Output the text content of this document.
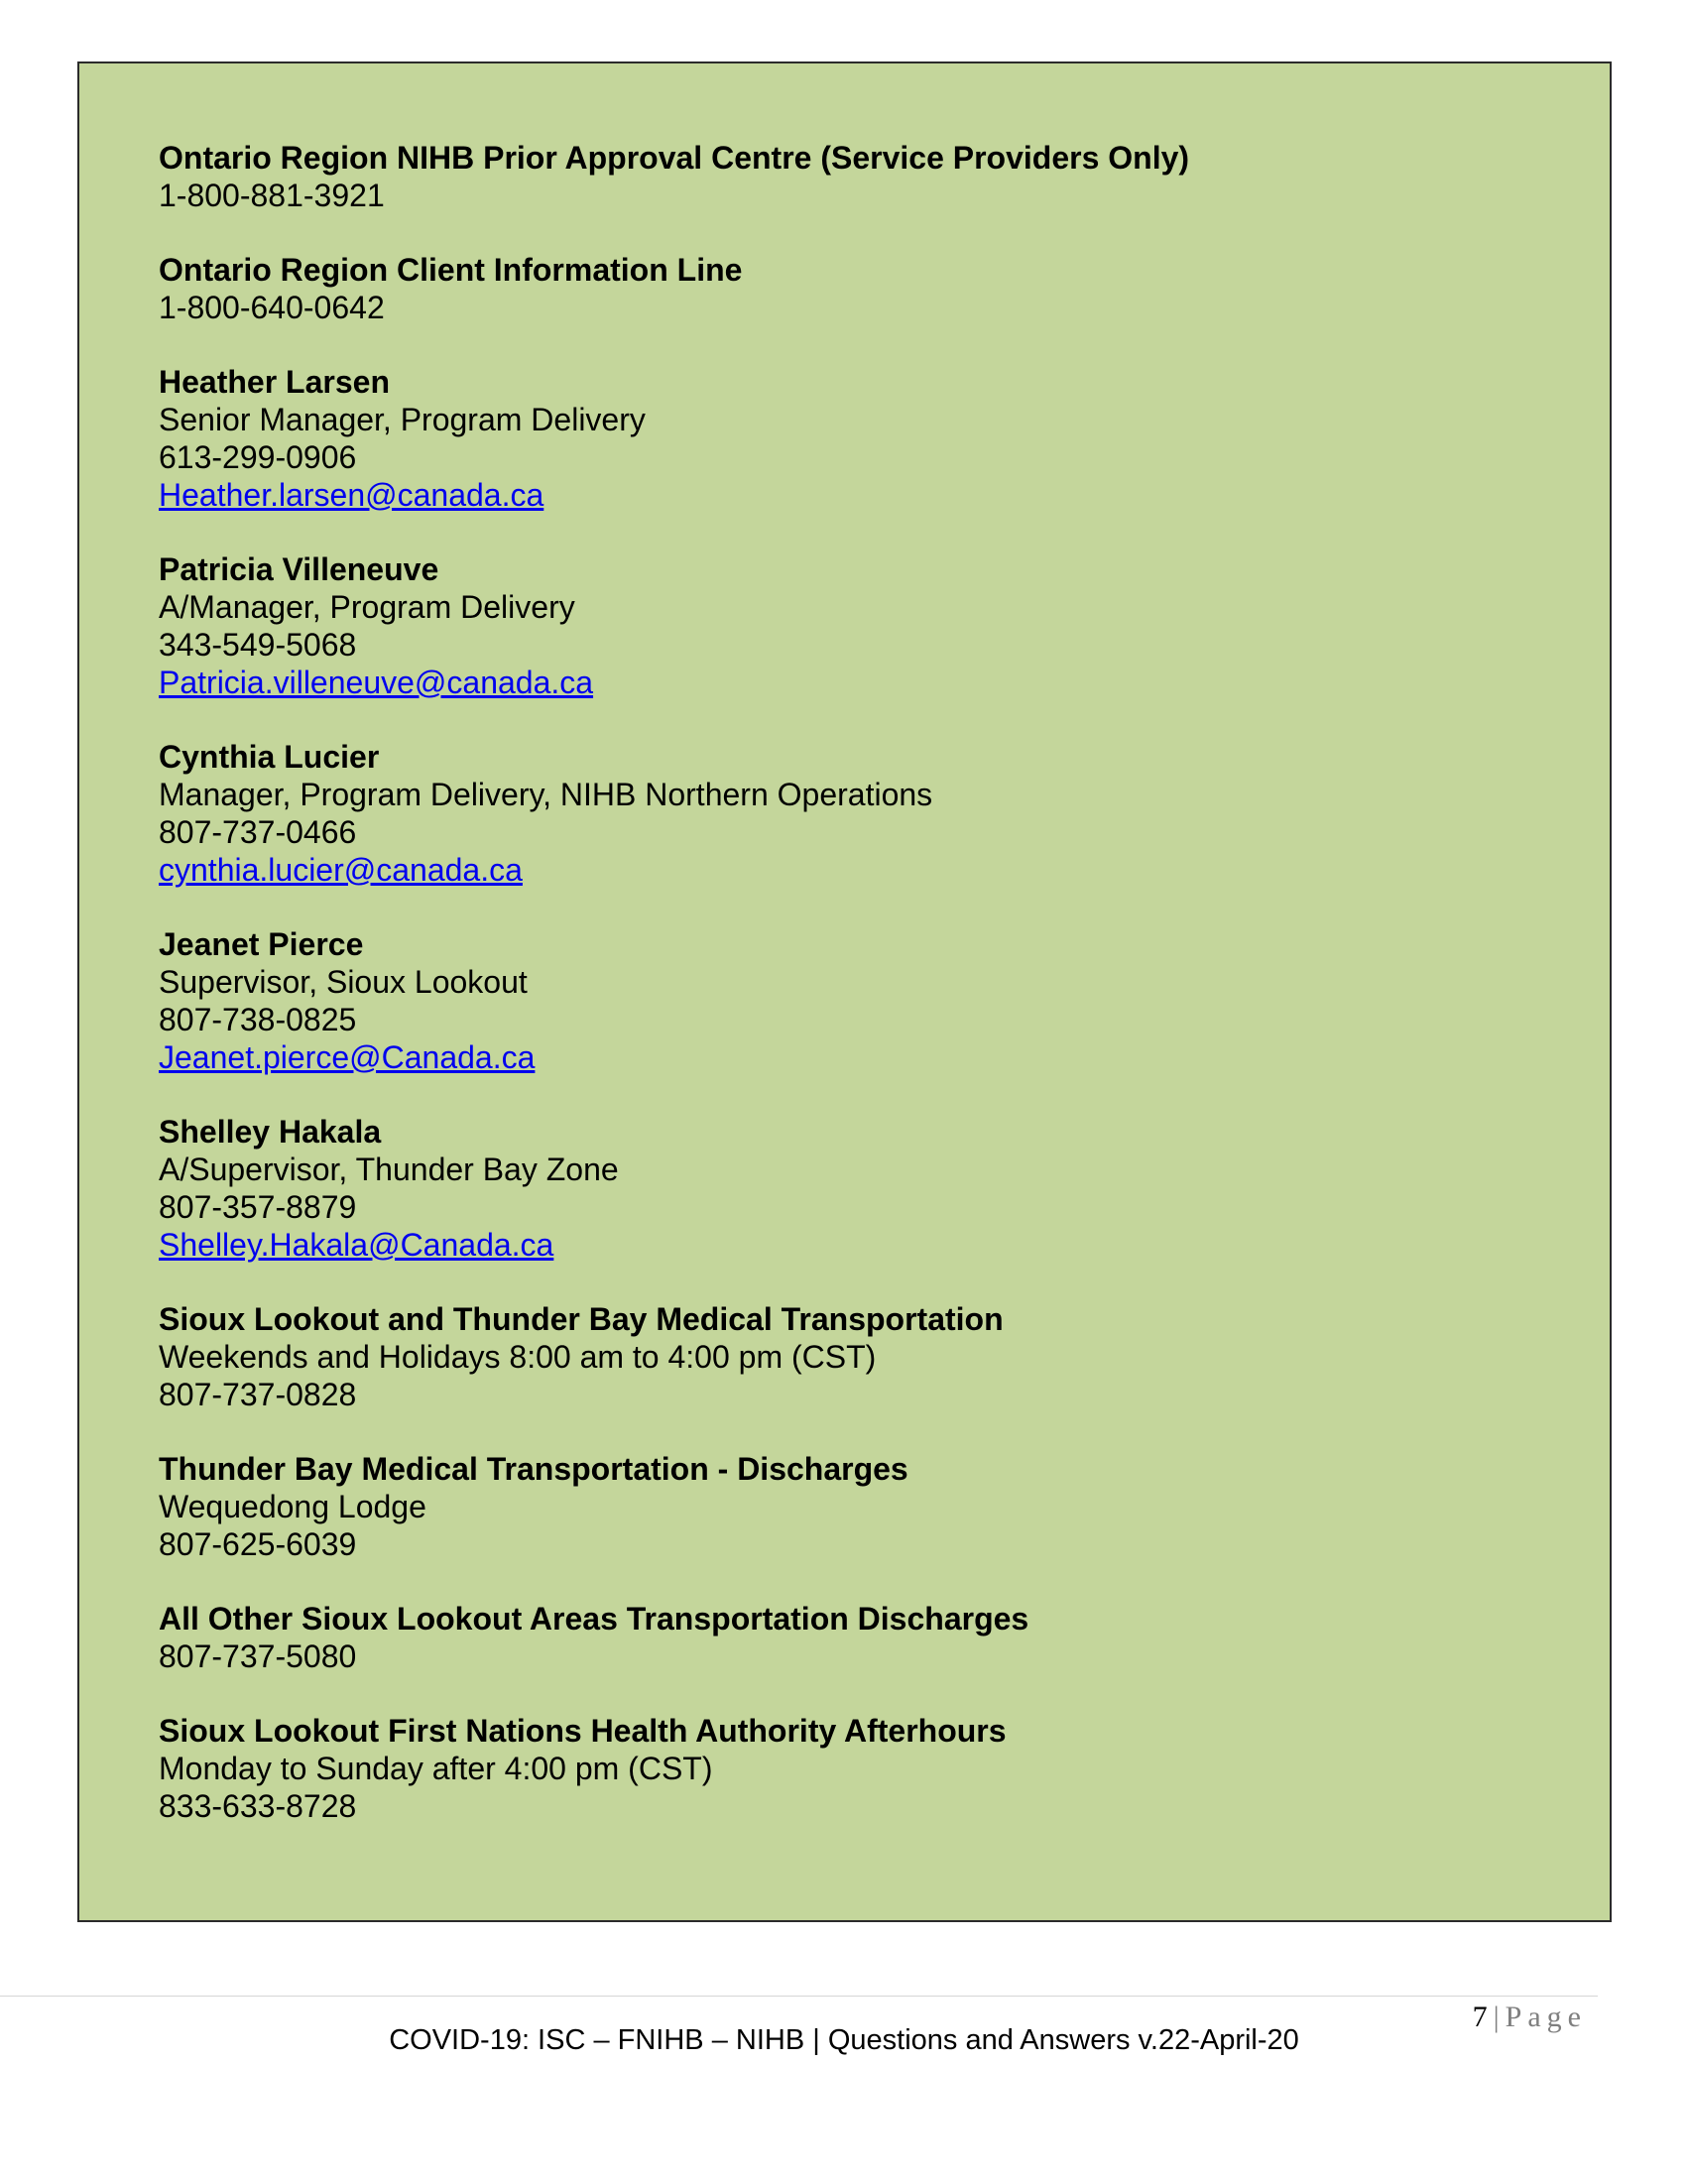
Ontario Region NIHB Prior Approval Centre (Service Providers Only)
1-800-881-3921
Ontario Region Client Information Line
1-800-640-0642
Heather Larsen
Senior Manager, Program Delivery
613-299-0906
Heather.larsen@canada.ca
Patricia Villeneuve
A/Manager, Program Delivery
343-549-5068
Patricia.villeneuve@canada.ca
Cynthia Lucier
Manager, Program Delivery, NIHB Northern Operations
807-737-0466
cynthia.lucier@canada.ca
Jeanet Pierce
Supervisor, Sioux Lookout
807-738-0825
Jeanet.pierce@Canada.ca
Shelley Hakala
A/Supervisor, Thunder Bay Zone
807-357-8879
Shelley.Hakala@Canada.ca
Sioux Lookout and Thunder Bay Medical Transportation
Weekends and Holidays 8:00 am to 4:00 pm (CST)
807-737-0828
Thunder Bay Medical Transportation - Discharges
Wequedong Lodge
807-625-6039
All Other Sioux Lookout Areas Transportation Discharges
807-737-5080
Sioux Lookout First Nations Health Authority Afterhours
Monday to Sunday after 4:00 pm (CST)
833-633-8728
7 | Page
COVID-19: ISC – FNIHB – NIHB | Questions and Answers v.22-April-20
